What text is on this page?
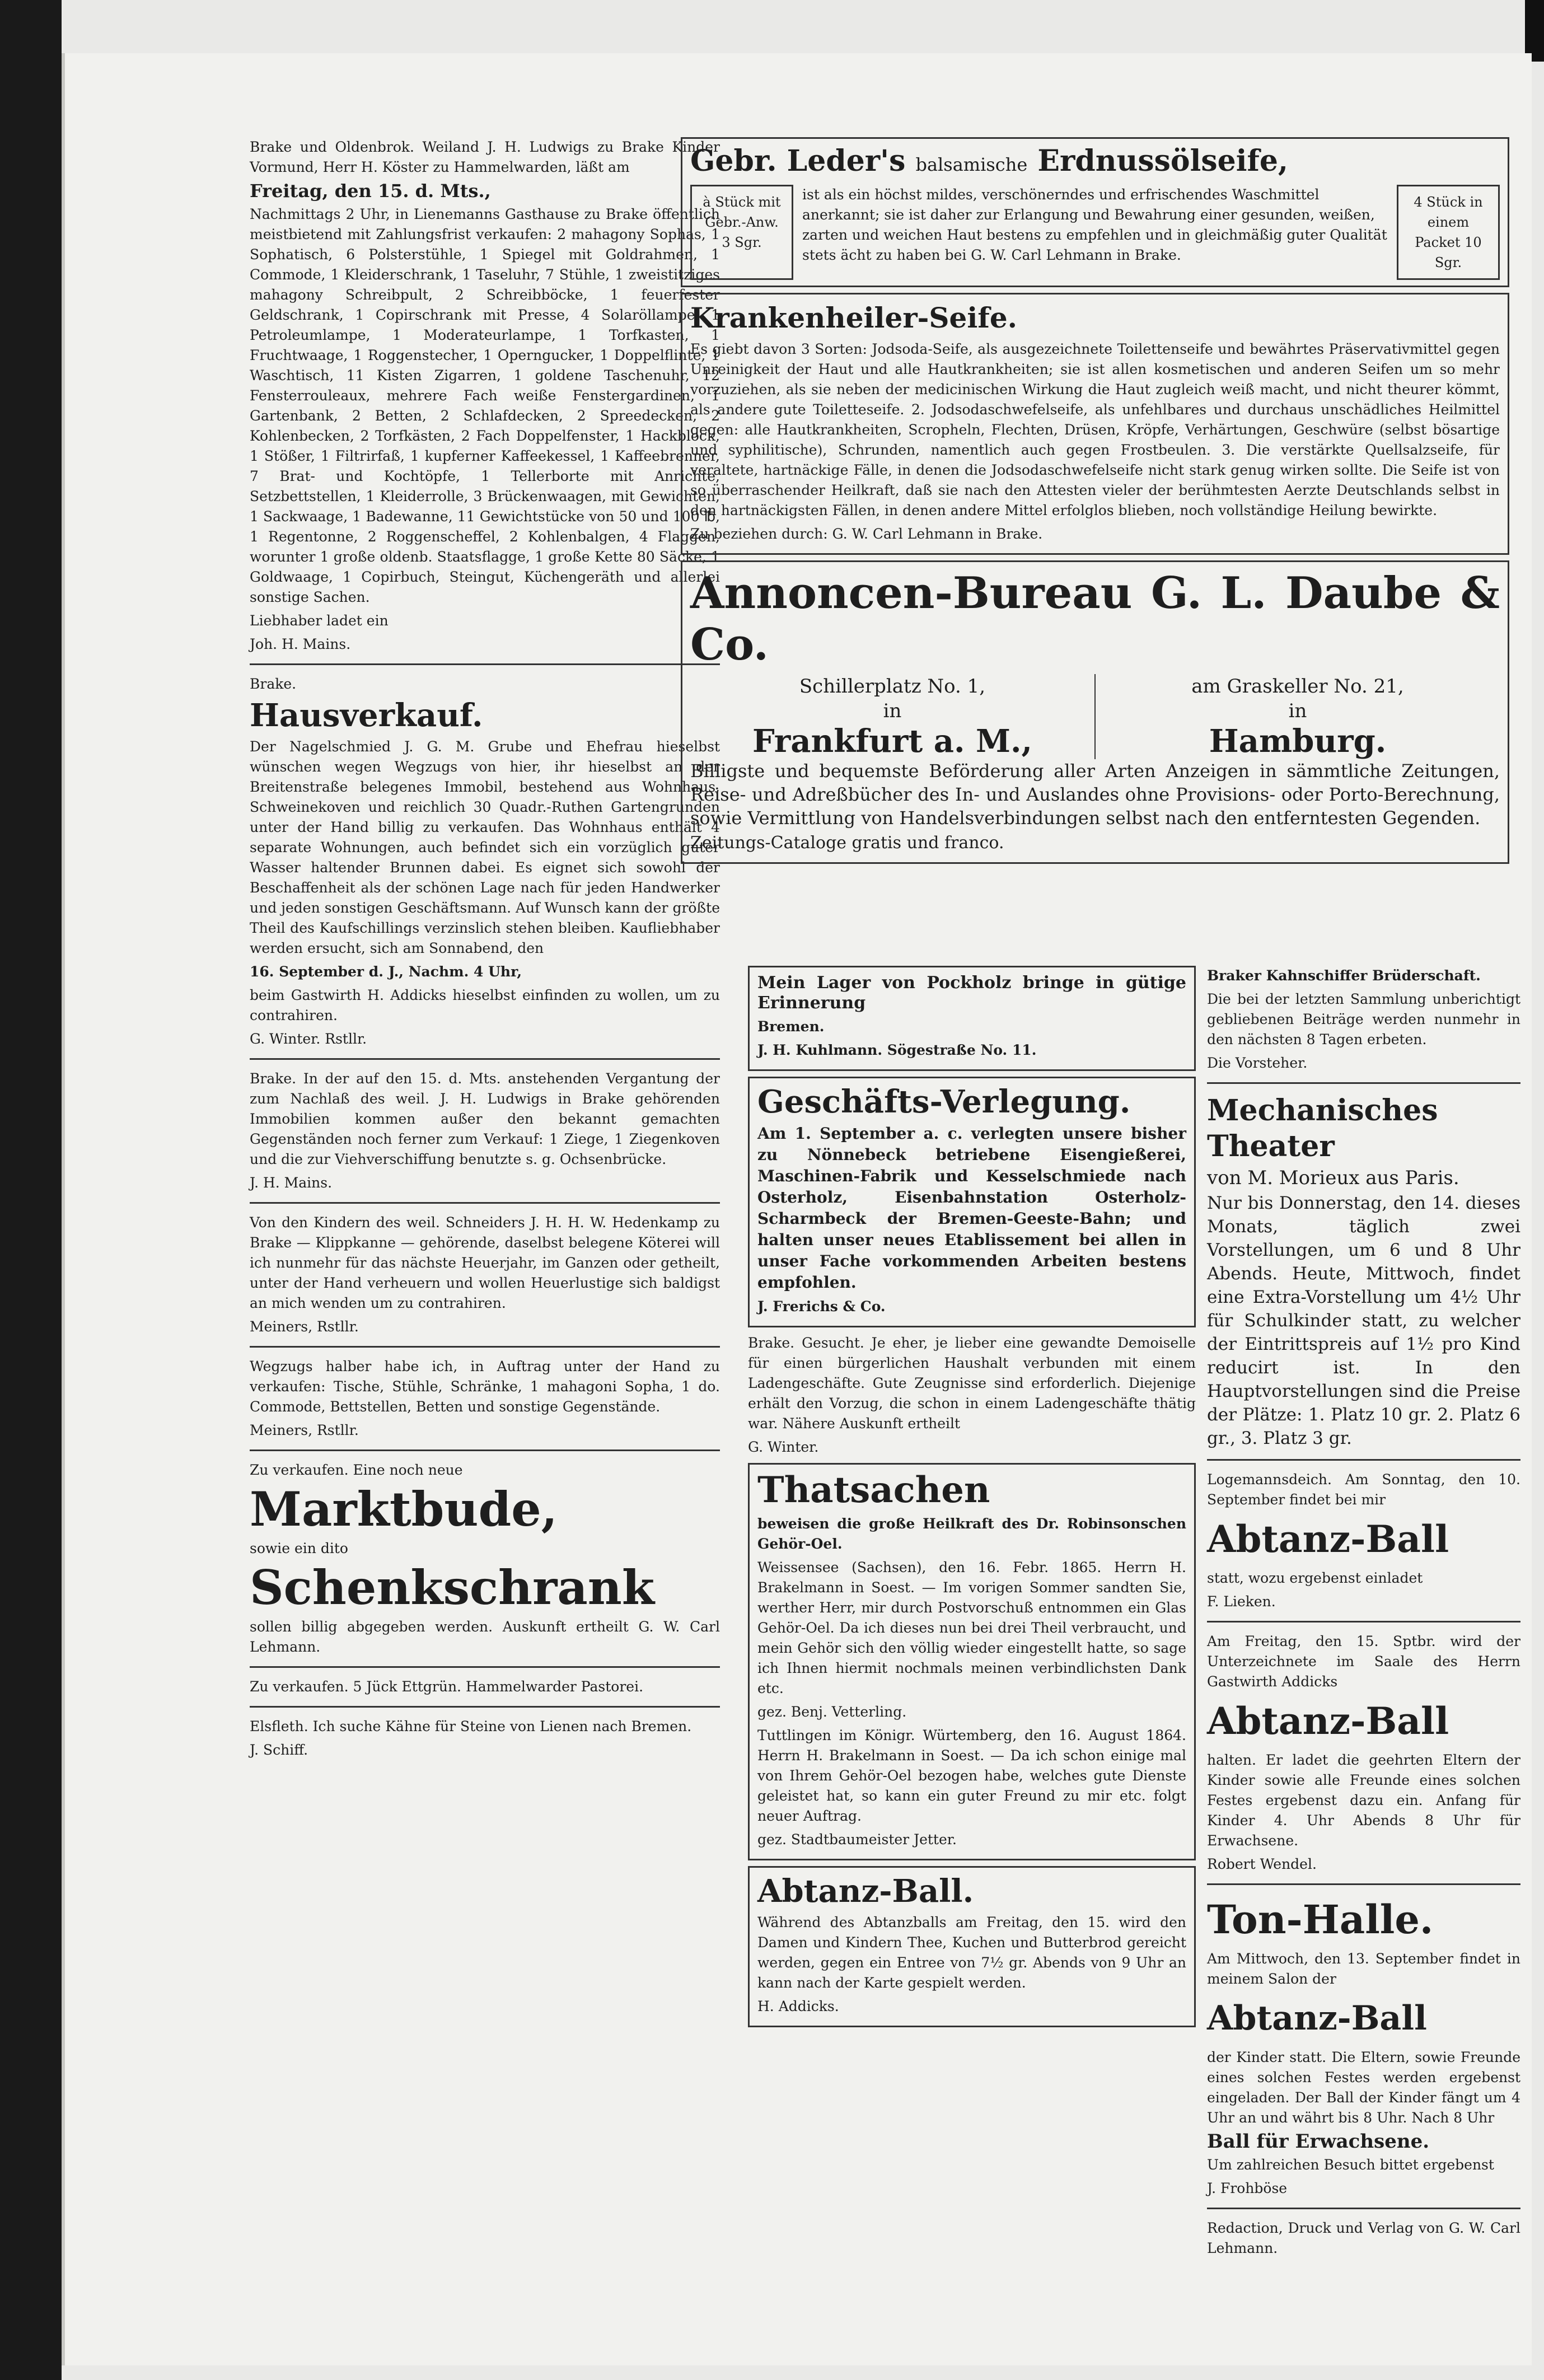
Brake und Oldenbrok. Weiland J. H. Ludwigs zu Brake Kinder Vormund, Herr H. Köster zu Hammelwarden, läßt am

Freitag, den 15. d. Mts.,

Nachmittags 2 Uhr, in Lienemanns Gasthause zu Brake öffentlich meistbietend mit Zahlungsfrist verkaufen: 2 mahagony Sophas, 1 Sophatisch, 6 Polsterstühle, 1 Spiegel mit Goldrahmen, 1 Commode, 1 Kleiderschrank, 1 Taseluhr, 7 Stühle, 1 zweistitziges mahagony Schreibpult, 2 Schreibböcke, 1 feuerfester Geldschrank, 1 Copirschrank mit Presse, 4 Solaröllampe, 1 Petroleumlampe, 1 Moderateurlampe, 1 Torfkasten, 1 Fruchtwaage, 1 Roggenstecher, 1 Operngucker, 1 Doppelflinte, 1 Waschtisch, 11 Kisten Zigarren, 1 goldene Taschenuhr, 12 Fensterrouleaux, mehrere Fach weiße Fenstergardinen, 1 Gartenbank, 2 Betten, 2 Schlafdecken, 2 Spreedecken, 2 Kohlenbecken, 2 Torfkästen, 2 Fach Doppelfenster, 1 Hackblock, 1 Stößer, 1 Filtrirfaß, 1 kupferner Kaffeekessel, 1 Kaffeebrenner, 7 Brat- und Kochtöpfe, 1 Tellerborte mit Anrichte, Setzbettstellen, 1 Kleiderrolle, 3 Brückenwaagen, mit Gewichten, 1 Sackwaage, 1 Badewanne, 11 Gewichtstücke von 50 und 100 ℔, 1 Regentonne, 2 Roggenscheffel, 2 Kohlenbalgen, 4 Flaggen, worunter 1 große oldenb. Staatsflagge, 1 große Kette 80 Säcke, 1 Goldwaage, 1 Copirbuch, Steingut, Küchengeräth und allerlei sonstige Sachen.

Liebhaber ladet ein

Joh. H. Mains.

Brake.

Hausverkauf.

Der Nagelschmied J. G. M. Grube und Ehefrau hieselbst wünschen wegen Wegzugs von hier, ihr hieselbst an der Breitenstraße belegenes Immobil, bestehend aus Wohnhaus, Schweinekoven und reichlich 30 Quadr.-Ruthen Gartengrunden unter der Hand billig zu verkaufen. Das Wohnhaus enthält 4 separate Wohnungen, auch befindet sich ein vorzüglich guter Wasser haltender Brunnen dabei. Es eignet sich sowohl der Beschaffenheit als der schönen Lage nach für jeden Handwerker und jeden sonstigen Geschäftsmann. Auf Wunsch kann der größte Theil des Kaufschillings verzinslich stehen bleiben. Kaufliebhaber werden ersucht, sich am Sonnabend, den

16. September d. J., Nachm. 4 Uhr,

beim Gastwirth H. Addicks hieselbst einfinden zu wollen, um zu contrahiren.

G. Winter. Rstllr.

Brake. In der auf den 15. d. Mts. anstehenden Vergantung der zum Nachlaß des weil. J. H. Ludwigs in Brake gehörenden Immobilien kommen außer den bekannt gemachten Gegenständen noch ferner zum Verkauf: 1 Ziege, 1 Ziegenkoven und die zur Viehverschiffung benutzte s. g. Ochsenbrücke.

J. H. Mains.

Von den Kindern des weil. Schneiders J. H. H. W. Hedenkamp zu Brake — Klippkanne — gehörende, daselbst belegene Köterei will ich nunmehr für das nächste Heuerjahr, im Ganzen oder getheilt, unter der Hand verheuern und wollen Heuerlustige sich baldigst an mich wenden um zu contrahiren.

Meiners, Rstllr.

Wegzugs halber habe ich, in Auftrag unter der Hand zu verkaufen: Tische, Stühle, Schränke, 1 mahagoni Sopha, 1 do. Commode, Bettstellen, Betten und sonstige Gegenstände.

Meiners, Rstllr.

Zu verkaufen. Eine noch neue

Marktbude,

sowie ein dito

Schenkschrank

sollen billig abgegeben werden. Auskunft ertheilt G. W. Carl Lehmann.

Zu verkaufen. 5 Jück Ettgrün. Hammelwarder Pastorei.

Elsfleth. Ich suche Kähne für Steine von Lienen nach Bremen.

J. Schiff.

Gebr. Leder's balsamische Erdnussölseife,

à Stück mit Gebr.-Anw. 3 Sgr.
ist als ein höchst mildes, verschönerndes und erfrischendes Waschmittel anerkannt; sie ist daher zur Erlangung und Bewahrung einer gesunden, weißen, zarten und weichen Haut bestens zu empfehlen und in gleichmäßig guter Qualität stets ächt zu haben bei G. W. Carl Lehmann in Brake.
4 Stück in einem Packet 10 Sgr.

Krankenheiler-Seife.

Es giebt davon 3 Sorten: Jodsoda-Seife, als ausgezeichnete Toilettenseife und bewährtes Präservativmittel gegen Unreinigkeit der Haut und alle Hautkrankheiten; sie ist allen kosmetischen und anderen Seifen um so mehr vorzuziehen, als sie neben der medicinischen Wirkung die Haut zugleich weiß macht, und nicht theurer kömmt, als andere gute Toiletteseife. 2. Jodsodaschwefelseife, als unfehlbares und durchaus unschädliches Heilmittel gegen: alle Hautkrankheiten, Scropheln, Flechten, Drüsen, Kröpfe, Verhärtungen, Geschwüre (selbst bösartige und syphilitische), Schrunden, namentlich auch gegen Frostbeulen. 3. Die verstärkte Quellsalzseife, für veraltete, hartnäckige Fälle, in denen die Jodsodaschwefelseife nicht stark genug wirken sollte. Die Seife ist von so überraschender Heilkraft, daß sie nach den Attesten vieler der berühmtesten Aerzte Deutschlands selbst in den hartnäckigsten Fällen, in denen andere Mittel erfolglos blieben, noch vollständige Heilung bewirkte.

Zu beziehen durch: G. W. Carl Lehmann in Brake.

Annoncen-Bureau G. L. Daube & Co.

Schillerplatz No. 1,
in
Frankfurt a. M.,
am Graskeller No. 21,
in
Hamburg.

Billigste und bequemste Beförderung aller Arten Anzeigen in sämmtliche Zeitungen, Reise- und Adreßbücher des In- und Auslandes ohne Provisions- oder Porto-Berechnung, sowie Vermittlung von Handelsverbindungen selbst nach den entferntesten Gegenden.

Zeitungs-Cataloge gratis und franco.

Mein Lager von Pockholz bringe in gütige Erinnerung

Bremen.

J. H. Kuhlmann. Sögestraße No. 11.

Geschäfts-Verlegung.

Am 1. September a. c. verlegten unsere bisher zu Nönnebeck betriebene Eisengießerei, Maschinen-Fabrik und Kesselschmiede nach Osterholz, Eisenbahnstation Osterholz-Scharmbeck der Bremen-Geeste-Bahn; und halten unser neues Etablissement bei allen in unser Fache vorkommenden Arbeiten bestens empfohlen.

J. Frerichs & Co.

Brake. Gesucht. Je eher, je lieber eine gewandte Demoiselle für einen bürgerlichen Haushalt verbunden mit einem Ladengeschäfte. Gute Zeugnisse sind erforderlich. Diejenige erhält den Vorzug, die schon in einem Ladengeschäfte thätig war. Nähere Auskunft ertheilt

G. Winter.

Thatsachen

beweisen die große Heilkraft des Dr. Robinsonschen Gehör-Oel.

Weissensee (Sachsen), den 16. Febr. 1865. Herrn H. Brakelmann in Soest. — Im vorigen Sommer sandten Sie, werther Herr, mir durch Postvorschuß entnommen ein Glas Gehör-Oel. Da ich dieses nun bei drei Theil verbraucht, und mein Gehör sich den völlig wieder eingestellt hatte, so sage ich Ihnen hiermit nochmals meinen verbindlichsten Dank etc.

gez. Benj. Vetterling.

Tuttlingen im Königr. Würtemberg, den 16. August 1864. Herrn H. Brakelmann in Soest. — Da ich schon einige mal von Ihrem Gehör-Oel bezogen habe, welches gute Dienste geleistet hat, so kann ein guter Freund zu mir etc. folgt neuer Auftrag.

gez. Stadtbaumeister Jetter.

Abtanz-Ball.

Während des Abtanzballs am Freitag, den 15. wird den Damen und Kindern Thee, Kuchen und Butterbrod gereicht werden, gegen ein Entree von 7½ gr. Abends von 9 Uhr an kann nach der Karte gespielt werden.

H. Addicks.

Braker Kahnschiffer Brüderschaft.

Die bei der letzten Sammlung unberichtigt gebliebenen Beiträge werden nunmehr in den nächsten 8 Tagen erbeten.

Die Vorsteher.

Mechanisches Theater

von M. Morieux aus Paris.

Nur bis Donnerstag, den 14. dieses Monats, täglich zwei Vorstellungen, um 6 und 8 Uhr Abends. Heute, Mittwoch, findet eine Extra-Vorstellung um 4½ Uhr für Schulkinder statt, zu welcher der Eintrittspreis auf 1½ pro Kind reducirt ist. In den Hauptvorstellungen sind die Preise der Plätze: 1. Platz 10 gr. 2. Platz 6 gr., 3. Platz 3 gr.

Logemannsdeich. Am Sonntag, den 10. September findet bei mir

Abtanz-Ball

statt, wozu ergebenst einladet

F. Lieken.

Am Freitag, den 15. Sptbr. wird der Unterzeichnete im Saale des Herrn Gastwirth Addicks

Abtanz-Ball

halten. Er ladet die geehrten Eltern der Kinder sowie alle Freunde eines solchen Festes ergebenst dazu ein. Anfang für Kinder 4. Uhr Abends 8 Uhr für Erwachsene.

Robert Wendel.

Ton-Halle.

Am Mittwoch, den 13. September findet in meinem Salon der

Abtanz-Ball

der Kinder statt. Die Eltern, sowie Freunde eines solchen Festes werden ergebenst eingeladen. Der Ball der Kinder fängt um 4 Uhr an und währt bis 8 Uhr. Nach 8 Uhr

Ball für Erwachsene.

Um zahlreichen Besuch bittet ergebenst

J. Frohböse

Redaction, Druck und Verlag von G. W. Carl Lehmann.
